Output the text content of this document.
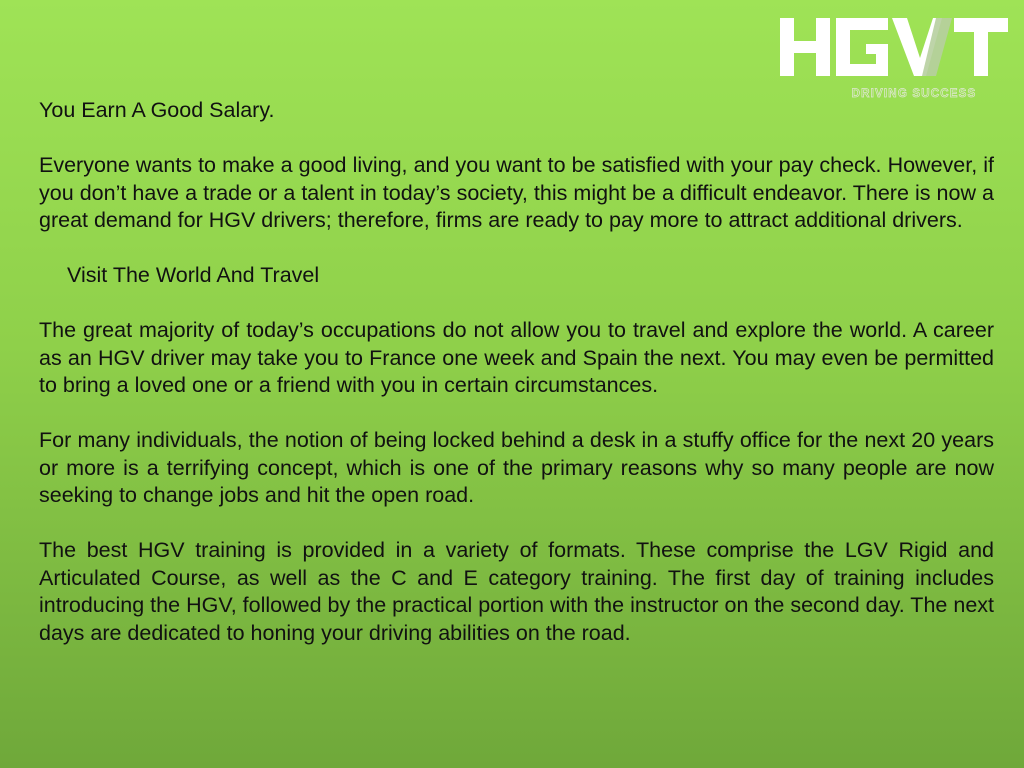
DRIVING SUCCESS

You Earn A Good Salary.

Everyone wants to make a good living, and you want to be satisfied with your pay check. However, if you don’t have a trade or a talent in today’s society, this might be a difficult endeavor. There is now a great demand for HGV drivers; therefore, firms are ready to pay more to attract additional drivers.

Visit The World And Travel

The great majority of today’s occupations do not allow you to travel and explore the world. A career as an HGV driver may take you to France one week and Spain the next. You may even be permitted to bring a loved one or a friend with you in certain circumstances.

For many individuals, the notion of being locked behind a desk in a stuffy office for the next 20 years or more is a terrifying concept, which is one of the primary reasons why so many people are now seeking to change jobs and hit the open road.

The best HGV training is provided in a variety of formats. These comprise the LGV Rigid and Articulated Course, as well as the C and E category training. The first day of training includes introducing the HGV, followed by the practical portion with the instructor on the second day. The next days are dedicated to honing your driving abilities on the road.
